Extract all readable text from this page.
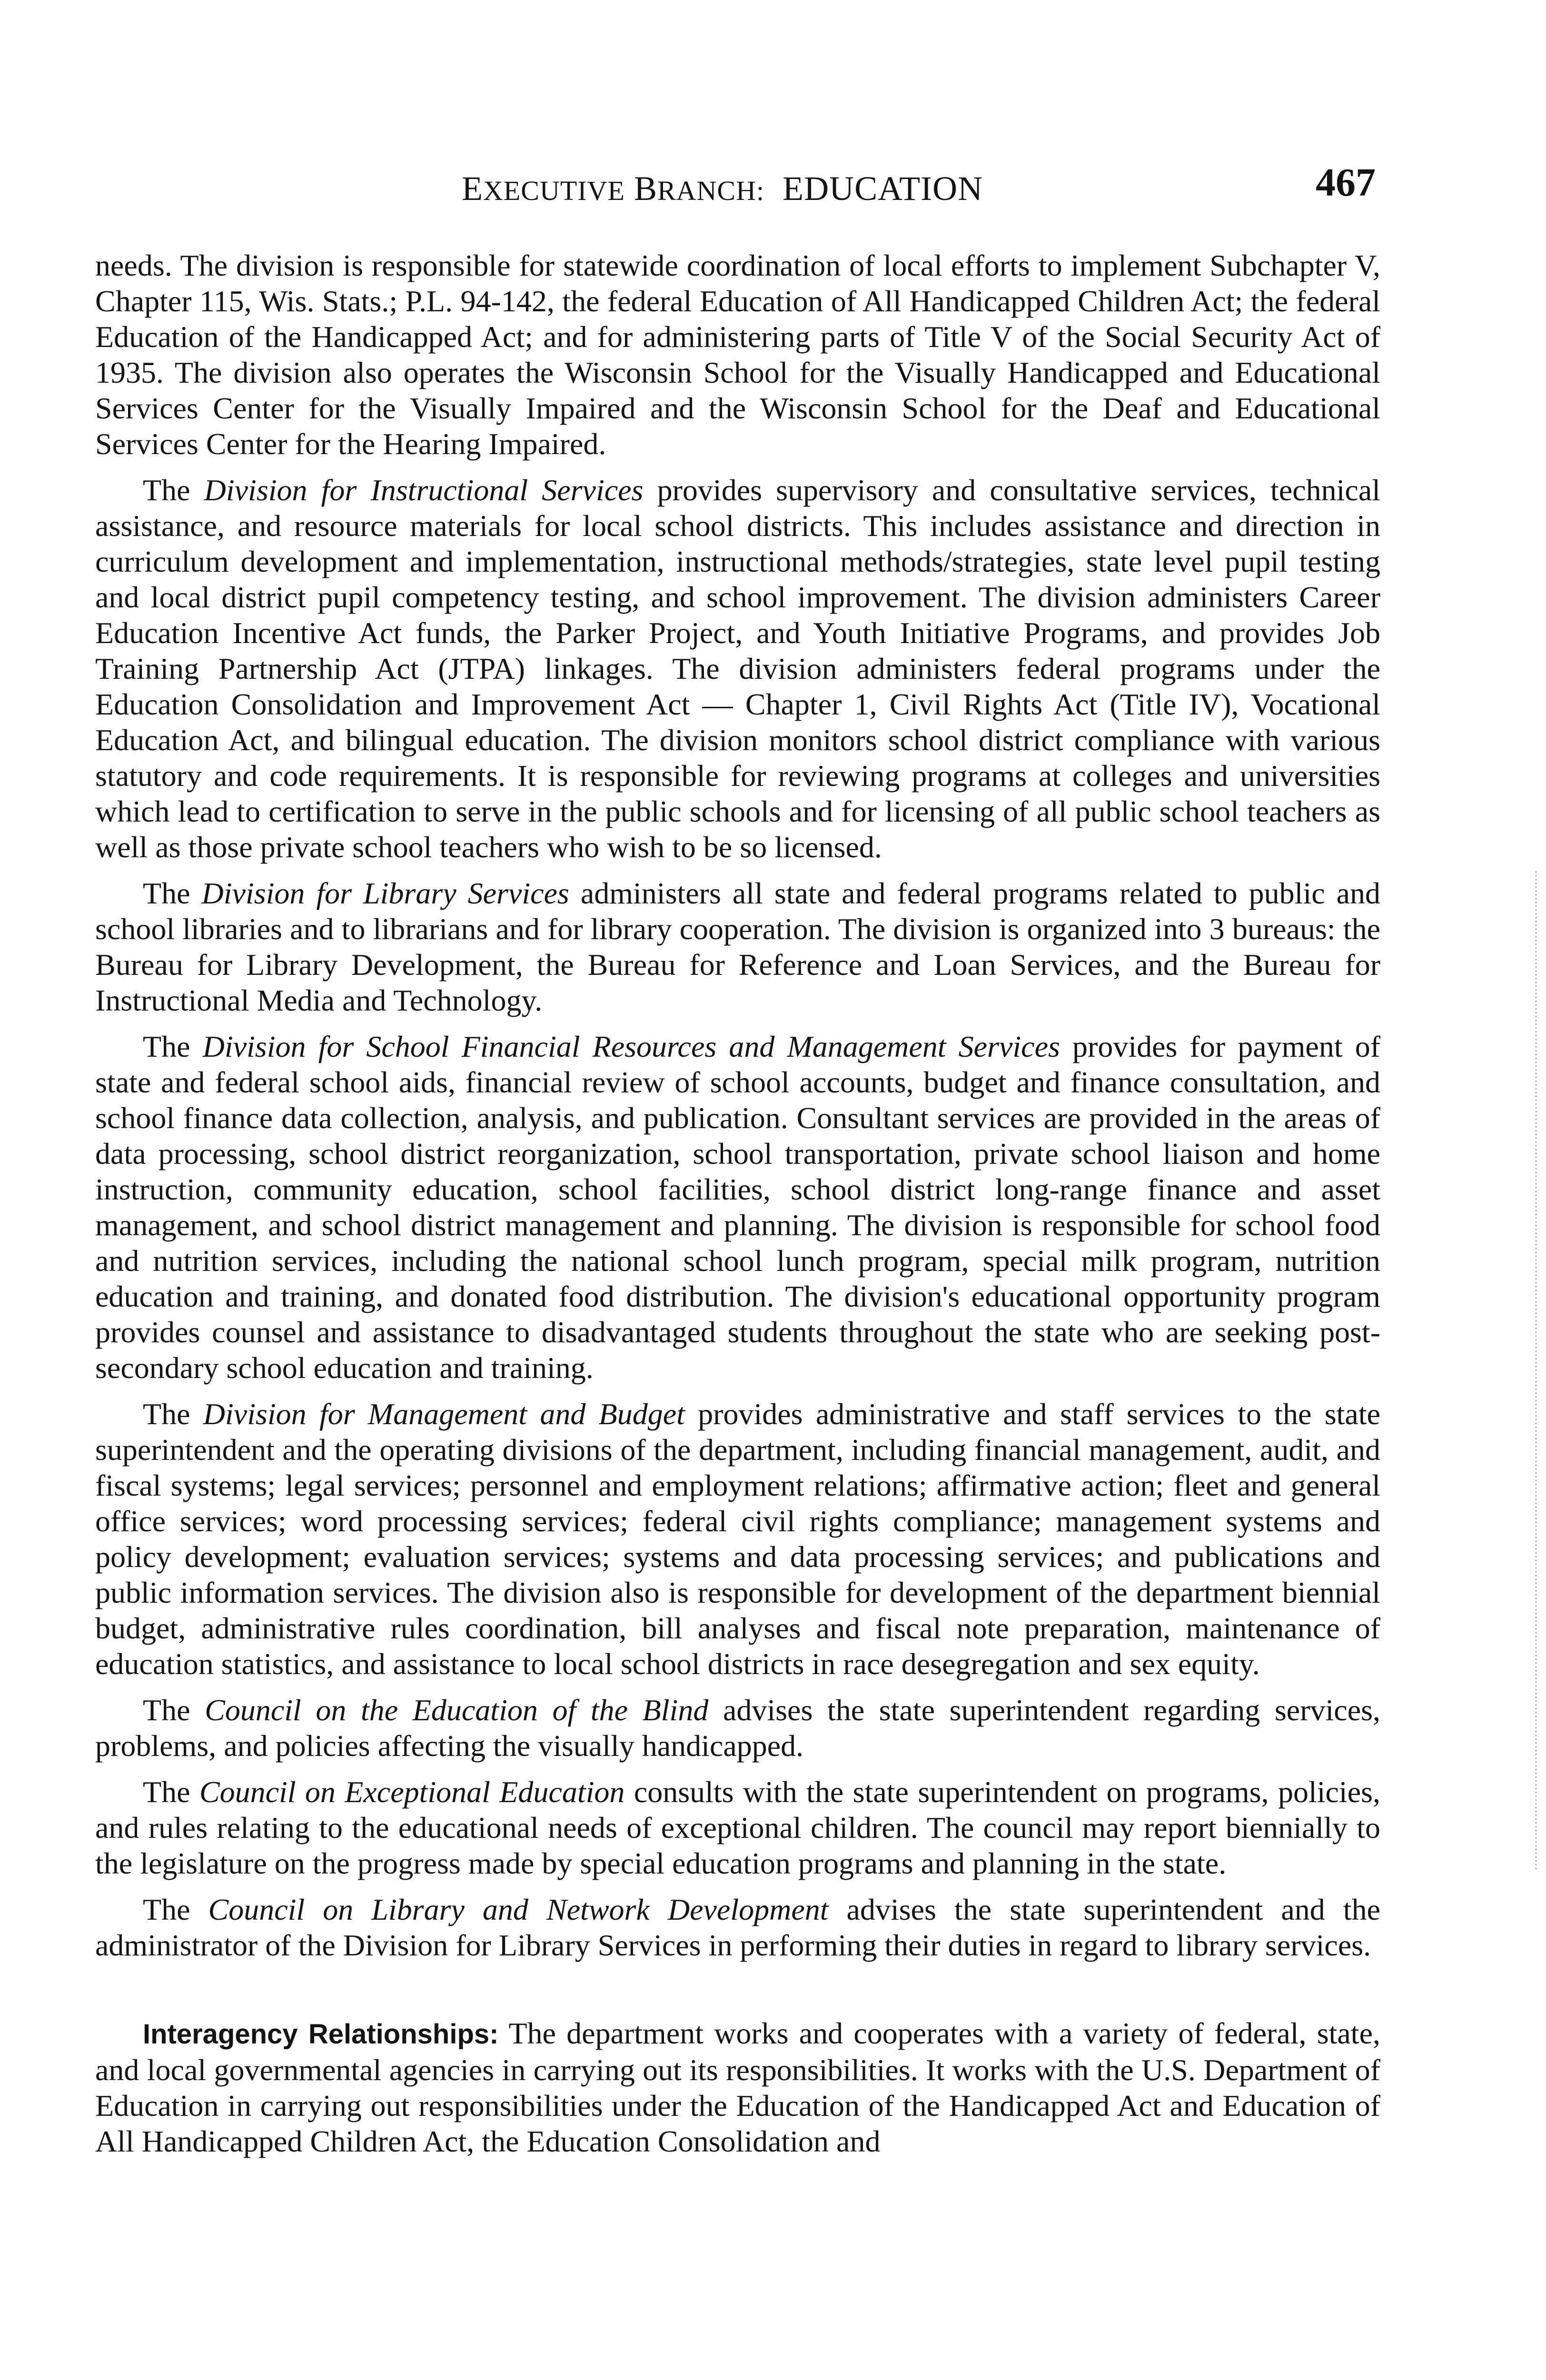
EXECUTIVE BRANCH: EDUCATION	467

needs. The division is responsible for statewide coordination of local efforts to implement Subchapter V, Chapter 115, Wis. Stats.; P.L. 94-142, the federal Education of All Handicapped Children Act; the federal Education of the Handicapped Act; and for administering parts of Title V of the Social Security Act of 1935. The division also operates the Wisconsin School for the Visually Handicapped and Educational Services Center for the Visually Impaired and the Wisconsin School for the Deaf and Educational Services Center for the Hearing Impaired.

The Division for Instructional Services provides supervisory and consultative services, technical assistance, and resource materials for local school districts. This includes assistance and direction in curriculum development and implementation, instructional methods/strategies, state level pupil testing and local district pupil competency testing, and school improvement. The division administers Career Education Incentive Act funds, the Parker Project, and Youth Initiative Programs, and provides Job Training Partnership Act (JTPA) linkages. The division administers federal programs under the Education Consolidation and Improvement Act — Chapter 1, Civil Rights Act (Title IV), Vocational Education Act, and bilingual education. The division monitors school district compliance with various statutory and code requirements. It is responsible for reviewing programs at colleges and universities which lead to certification to serve in the public schools and for licensing of all public school teachers as well as those private school teachers who wish to be so licensed.

The Division for Library Services administers all state and federal programs related to public and school libraries and to librarians and for library cooperation. The division is organized into 3 bureaus: the Bureau for Library Development, the Bureau for Reference and Loan Services, and the Bureau for Instructional Media and Technology.

The Division for School Financial Resources and Management Services provides for payment of state and federal school aids, financial review of school accounts, budget and finance consultation, and school finance data collection, analysis, and publication. Consultant services are provided in the areas of data processing, school district reorganization, school transportation, private school liaison and home instruction, community education, school facilities, school district long-range finance and asset management, and school district management and planning. The division is responsible for school food and nutrition services, including the national school lunch program, special milk program, nutrition education and training, and donated food distribution. The division's educational opportunity program provides counsel and assistance to disadvantaged students throughout the state who are seeking post-secondary school education and training.

The Division for Management and Budget provides administrative and staff services to the state superintendent and the operating divisions of the department, including financial management, audit, and fiscal systems; legal services; personnel and employment relations; affirmative action; fleet and general office services; word processing services; federal civil rights compliance; management systems and policy development; evaluation services; systems and data processing services; and publications and public information services. The division also is responsible for development of the department biennial budget, administrative rules coordination, bill analyses and fiscal note preparation, maintenance of education statistics, and assistance to local school districts in race desegregation and sex equity.

The Council on the Education of the Blind advises the state superintendent regarding services, problems, and policies affecting the visually handicapped.

The Council on Exceptional Education consults with the state superintendent on programs, policies, and rules relating to the educational needs of exceptional children. The council may report biennially to the legislature on the progress made by special education programs and planning in the state.

The Council on Library and Network Development advises the state superintendent and the administrator of the Division for Library Services in performing their duties in regard to library services.

Interagency Relationships: The department works and cooperates with a variety of federal, state, and local governmental agencies in carrying out its responsibilities. It works with the U.S. Department of Education in carrying out responsibilities under the Education of the Handicapped Act and Education of All Handicapped Children Act, the Education Consolidation and
